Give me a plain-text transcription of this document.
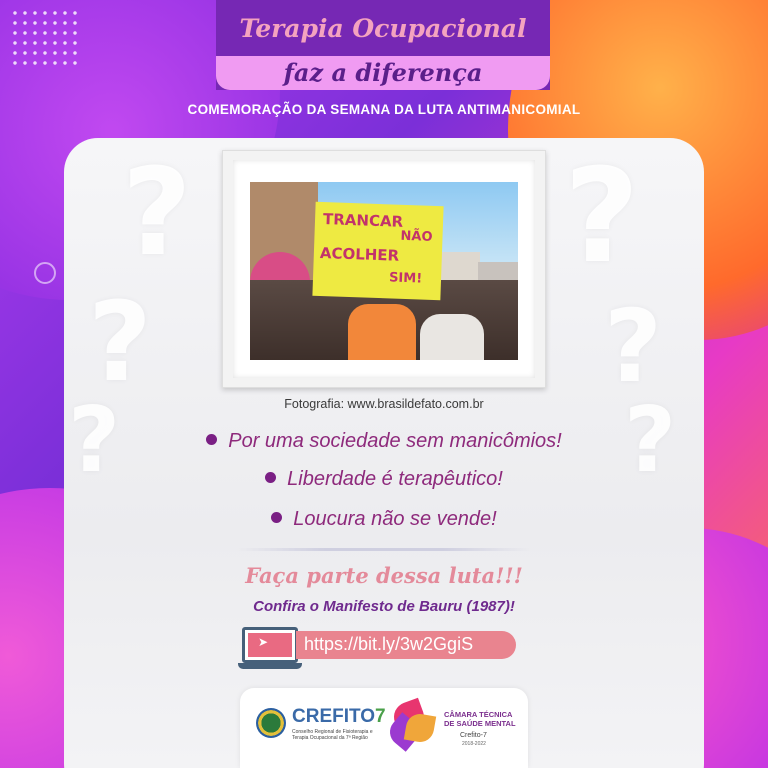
Terapia Ocupacional
faz a diferença
COMEMORAÇÃO DA SEMANA DA LUTA ANTIMANICOMIAL
?
?
?
?
?
?
TRANCAR
NÃO
ACOLHER
SIM!
Fotografia: www.brasildefato.com.br
Por uma sociedade sem manicômios!
Liberdade é terapêutico!
Loucura não se vende!
Faça parte dessa luta!!!
Confira o Manifesto de Bauru (1987)!
➤ https://bit.ly/3w2GgiS
CREFITO7
Conselho Regional de Fisioterapia e Terapia Ocupacional da 7ª Região
CÂMARA TÉCNICA DE SAÚDE MENTAL
Crefito-7
2018-2022
